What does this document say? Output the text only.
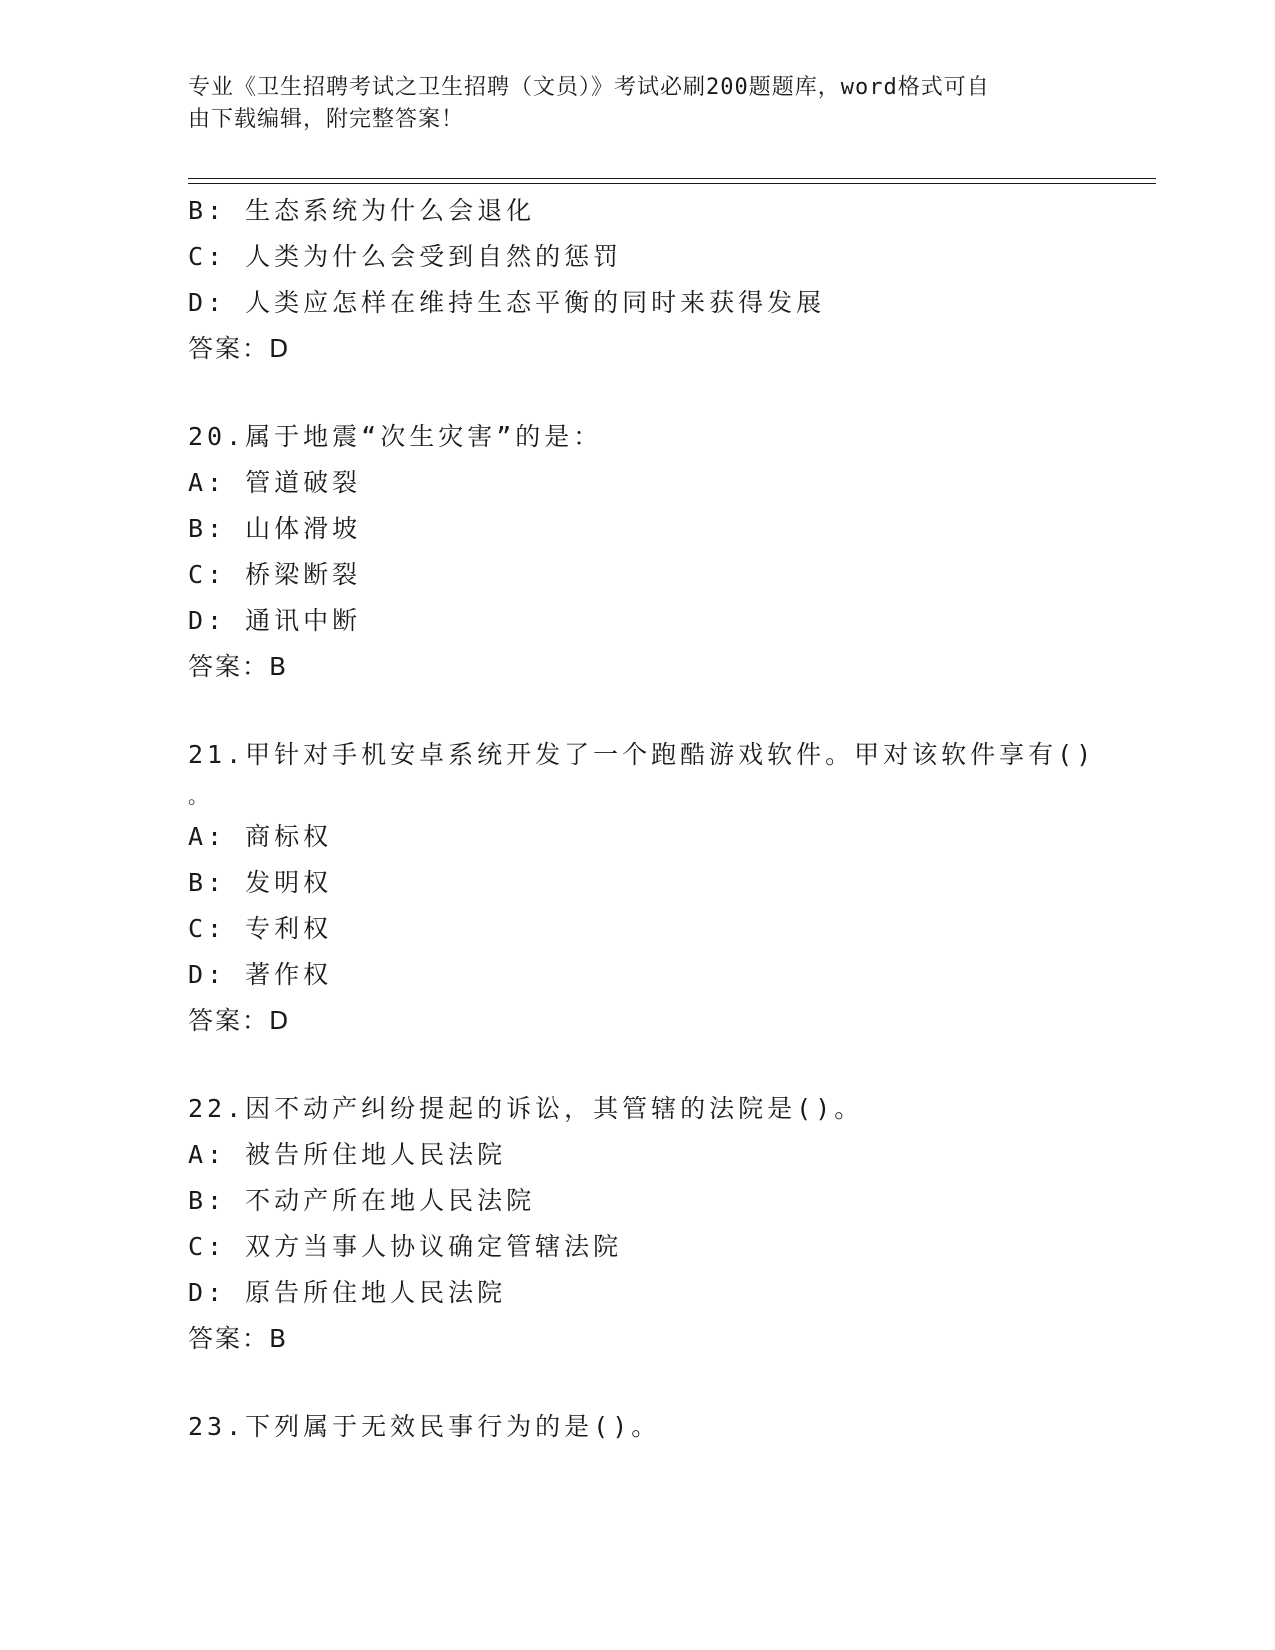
专业《卫生招聘考试之卫生招聘（文员）》考试必刷200题题库，word格式可自
由下载编辑，附完整答案！
B: 生态系统为什么会退化
C: 人类为什么会受到自然的惩罚
D: 人类应怎样在维持生态平衡的同时来获得发展
答案：D
20.属于地震“次生灾害”的是：
A: 管道破裂
B: 山体滑坡
C: 桥梁断裂
D: 通讯中断
答案：B
21.甲针对手机安卓系统开发了一个跑酷游戏软件。甲对该软件享有()
。
A: 商标权
B: 发明权
C: 专利权
D: 著作权
答案：D
22.因不动产纠纷提起的诉讼，其管辖的法院是()。
A: 被告所住地人民法院
B: 不动产所在地人民法院
C: 双方当事人协议确定管辖法院
D: 原告所住地人民法院
答案：B
23.下列属于无效民事行为的是()。
